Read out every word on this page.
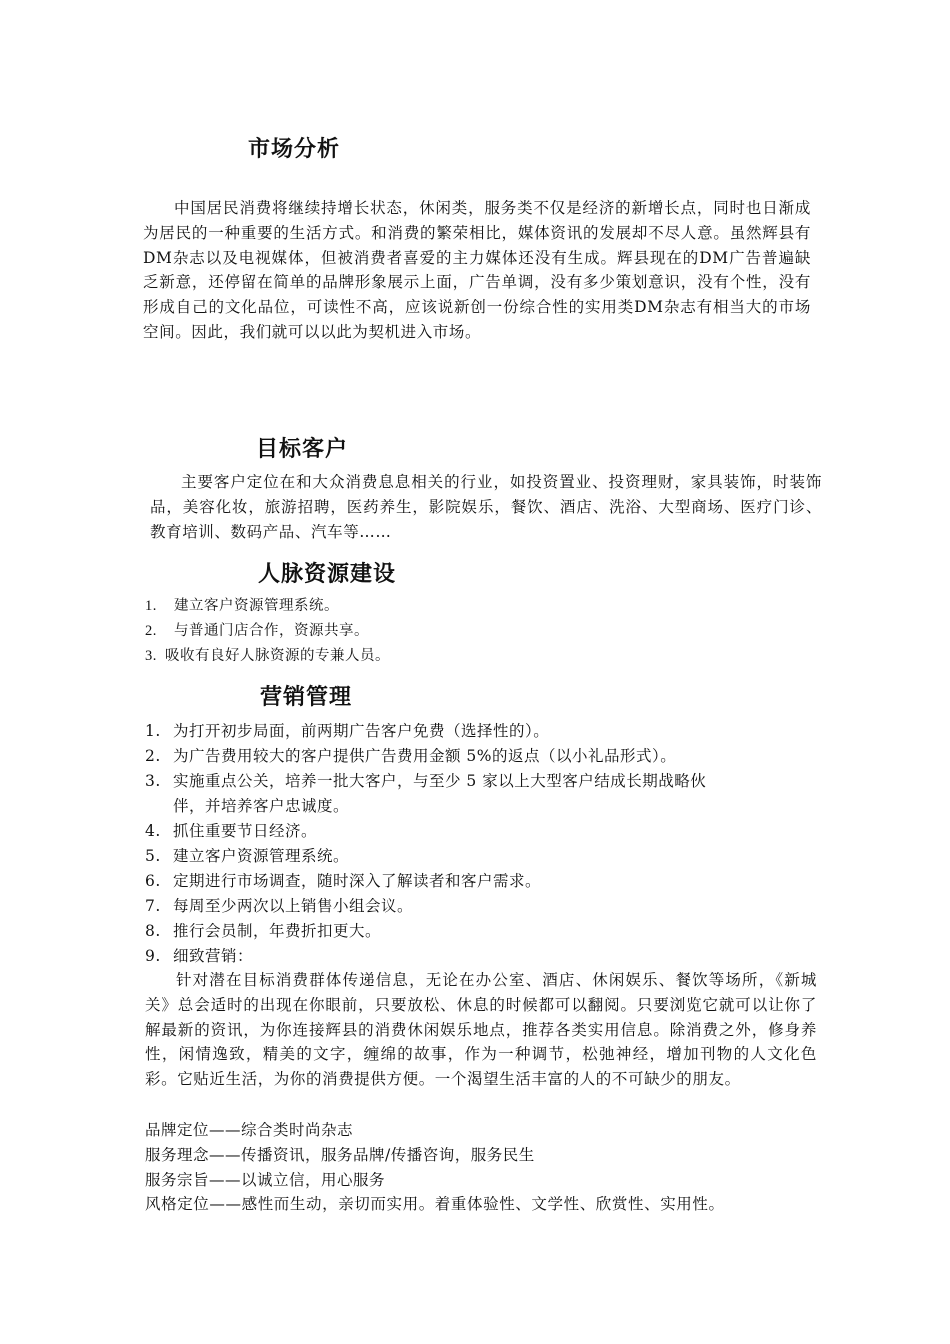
市场分析

中国居民消费将继续持增长状态，休闲类，服务类不仅是经济的新增长点，同时也日渐成为居民的一种重要的生活方式。和消费的繁荣相比，媒体资讯的发展却不尽人意。虽然辉县有DM杂志以及电视媒体，但被消费者喜爱的主力媒体还没有生成。辉县现在的DM广告普遍缺乏新意，还停留在简单的品牌形象展示上面，广告单调，没有多少策划意识，没有个性，没有形成自己的文化品位，可读性不高，应该说新创一份综合性的实用类DM杂志有相当大的市场空间。因此，我们就可以以此为契机进入市场。

目标客户

主要客户定位在和大众消费息息相关的行业，如投资置业、投资理财，家具装饰，时装饰品，美容化妆，旅游招聘，医药养生，影院娱乐，餐饮、酒店、洗浴、大型商场、医疗门诊、教育培训、数码产品、汽车等……

人脉资源建设
1. 建立客户资源管理系统。
2. 与普通门店合作，资源共享。
3. 吸收有良好人脉资源的专兼人员。
营销管理
1. 为打开初步局面，前两期广告客户免费（选择性的）。
2. 为广告费用较大的客户提供广告费用金额 5%的返点（以小礼品形式）。
3. 实施重点公关，培养一批大客户，与至少 5 家以上大型客户结成长期战略伙
伴，并培养客户忠诚度。
4. 抓住重要节日经济。
5. 建立客户资源管理系统。
6. 定期进行市场调查，随时深入了解读者和客户需求。
7. 每周至少两次以上销售小组会议。
8. 推行会员制，年费折扣更大。
9. 细致营销：

针对潜在目标消费群体传递信息，无论在办公室、酒店、休闲娱乐、餐饮等场所，《新城关》总会适时的出现在你眼前，只要放松、休息的时候都可以翻阅。只要浏览它就可以让你了解最新的资讯，为你连接辉县的消费休闲娱乐地点，推荐各类实用信息。除消费之外，修身养性，闲情逸致，精美的文字，缠绵的故事，作为一种调节，松弛神经，增加刊物的人文化色彩。它贴近生活，为你的消费提供方便。一个渴望生活丰富的人的不可缺少的朋友。

品牌定位——综合类时尚杂志
服务理念——传播资讯，服务品牌/传播咨询，服务民生
服务宗旨——以诚立信，用心服务

风格定位——感性而生动，亲切而实用。着重体验性、文学性、欣赏性、实用性。
